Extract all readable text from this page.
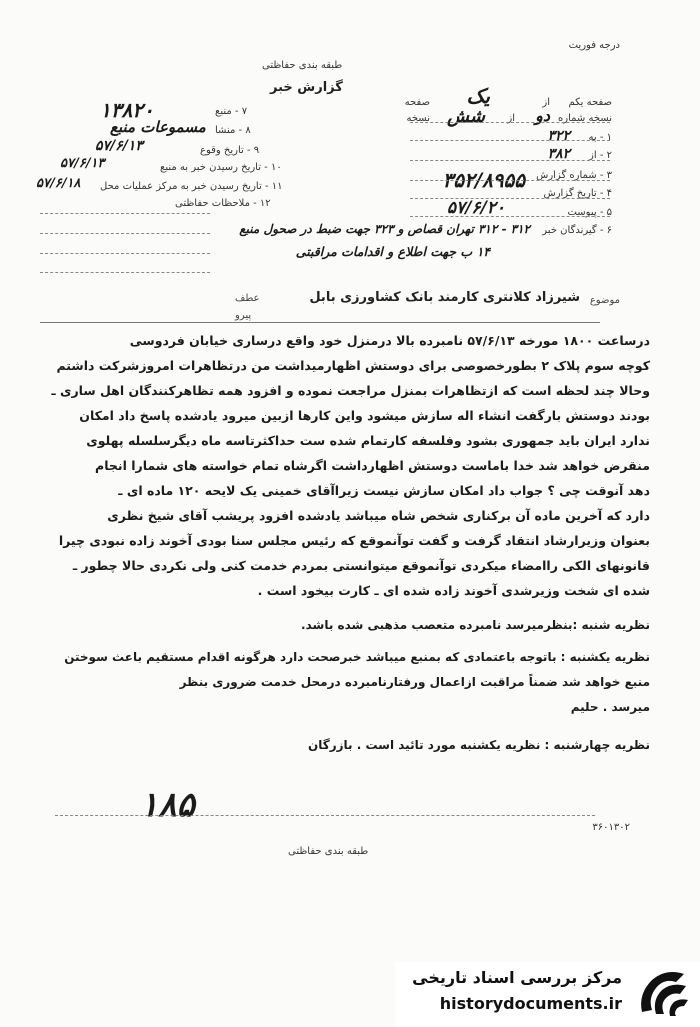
درجه فوریت
طبقه بندی حفاظتی
گزارش خبر
صفحه یکم
از
یک
صفحه
نسخه شماره
دو
از
شش
نسخه
۱ - به
۳۲۲
۲ - از
۳۸۲
۳ - شماره گزارش
۳۵۲/۸۹۵۵
۴ - تاریخ گزارش
۵۷/۶/۲۰	۵ - پیوست
۶ - گیرندگان خبر
۳۱۲ - ۳۱۲ تهران قصاص و ۳۲۳ جهت ضبط در صحول منبع
۱۴ ب جهت اطلاع و اقدامات مراقبتی
۷ - منبع
۱۳۸۲۰
۸ - منشا
مسموعات منبع
۹ - تاریخ وقوع
۵۷/۶/۱۳
۱۰ - تاریخ رسیدن خبر به منبع
۵۷/۶/۱۳
۱۱ - تاریخ رسیدن خبر به مرکز عملیات محل
۵۷/۶/۱۸
۱۲ - ملاحظات حفاظتی
موضوع
شیرزاد کلانتری کارمند بانک کشاورزی بابل
عطف
پیرو
درساعت ۱۸۰۰ مورخه ۵۷/۶/۱۳ نامبرده بالا درمنزل خود واقع درساری خیابان فردوسی
کوچه سوم پلاک ۲ بطورخصوصی برای دوستش اظهارمیداشت من درتظاهرات امروزشرکت داشتم
وحالا چند لحظه است که ازتظاهرات بمنزل مراجعت نموده و افزود همه تظاهرکنندگان اهل ساری ـ
بودند دوستش بارگفت انشاء اله سازش میشود واین کارها ازبین میرود یادشده پاسخ داد امکان
ندارد ایران باید جمهوری بشود وفلسفه کارتمام شده ست حداکثرتاسه ماه دیگرسلسله پهلوی
منقرض خواهد شد خدا باماست دوستش اظهارداشت اگرشاه تمام خواسته های شمارا انجام
دهد آنوقت چی ؟ جواب داد امکان سازش نیست زیراآقای خمینی یک لایحه ۱۲۰ ماده ای ـ
دارد که آخرین ماده آن برکناری شخص شاه میباشد یادشده افزود پریشب آقای شیخ نظری
بعنوان وزیرارشاد انتقاد گرفت و گفت توآنموقع که رئیس مجلس سنا بودی آخوند زاده نبودی چیرا
قانونهای الکی راامضاء میکردی توآنموقع میتوانستی بمردم خدمت کنی ولی نکردی حالا چطور ـ
شده ای شخت وزیرشدی آخوند زاده شده ای ـ کارت بیخود است .
نظریه شنبه :بنظرمیرسد نامبرده متعصب مذهبی شده باشد.
نظریه یکشنبه : باتوجه باعتمادی که بمنبع میباشد خبرصحت دارد هرگونه اقدام مستقیم باعث سوختن
منبع خواهد شد ضمناً مراقبت ازاعمال ورفتارنامبرده درمحل خدمت ضروری بنظر
میرسد . حلیم
نظریه چهارشنبه : نظریه یکشنبه مورد تائید است . بازرگان
۱۸۵
۳۶۰۱۳۰۲
طبقه بندی حفاظتی
مرکز بررسی اسناد تاریخی
historydocuments.ir
